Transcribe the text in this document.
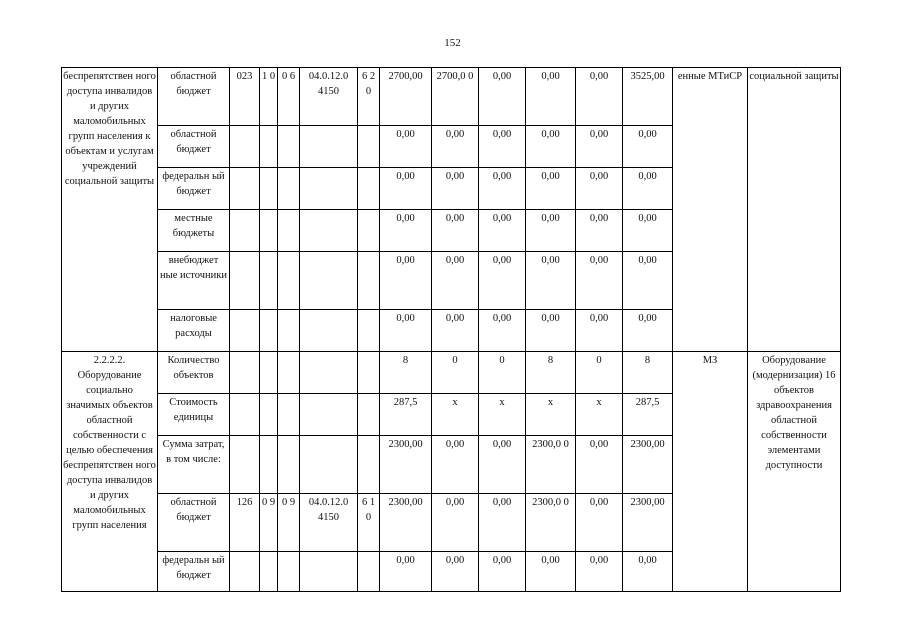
152
беспрепятствен ного доступа инвалидов и других маломобильных групп населения к объектам и услугам учреждений социальной защиты	областной бюджет	023	1 0	0 6	04.0.12.0 4150	6 2 0	2700,00	2700,0 0	0,00	0,00	0,00	3525,00	енные МТиСР	социальной защиты
	областной бюджет						0,00	0,00	0,00	0,00	0,00	0,00		
	федеральн ый бюджет						0,00	0,00	0,00	0,00	0,00	0,00		
	местные бюджеты						0,00	0,00	0,00	0,00	0,00	0,00		
	внебюджет ные источники						0,00	0,00	0,00	0,00	0,00	0,00		
	налоговые расходы						0,00	0,00	0,00	0,00	0,00	0,00		
2.2.2.2. Оборудование социально значимых объектов областной собственности с целью обеспечения беспрепятствен ного доступа инвалидов и других маломобильных групп населения	Количество объектов						8	0	0	8	0	8	МЗ	Оборудование (модернизация) 16 объектов здравоохранения областной собственности элементами доступности
	Стоимость единицы						287,5	х	х	х	х	287,5		
	Сумма затрат, в том числе:						2300,00	0,00	0,00	2300,0 0	0,00	2300,00		
	областной бюджет	126	0 9	0 9	04.0.12.0 4150	6 1 0	2300,00	0,00	0,00	2300,0 0	0,00	2300,00		
	федеральн ый бюджет						0,00	0,00	0,00	0,00	0,00	0,00		
